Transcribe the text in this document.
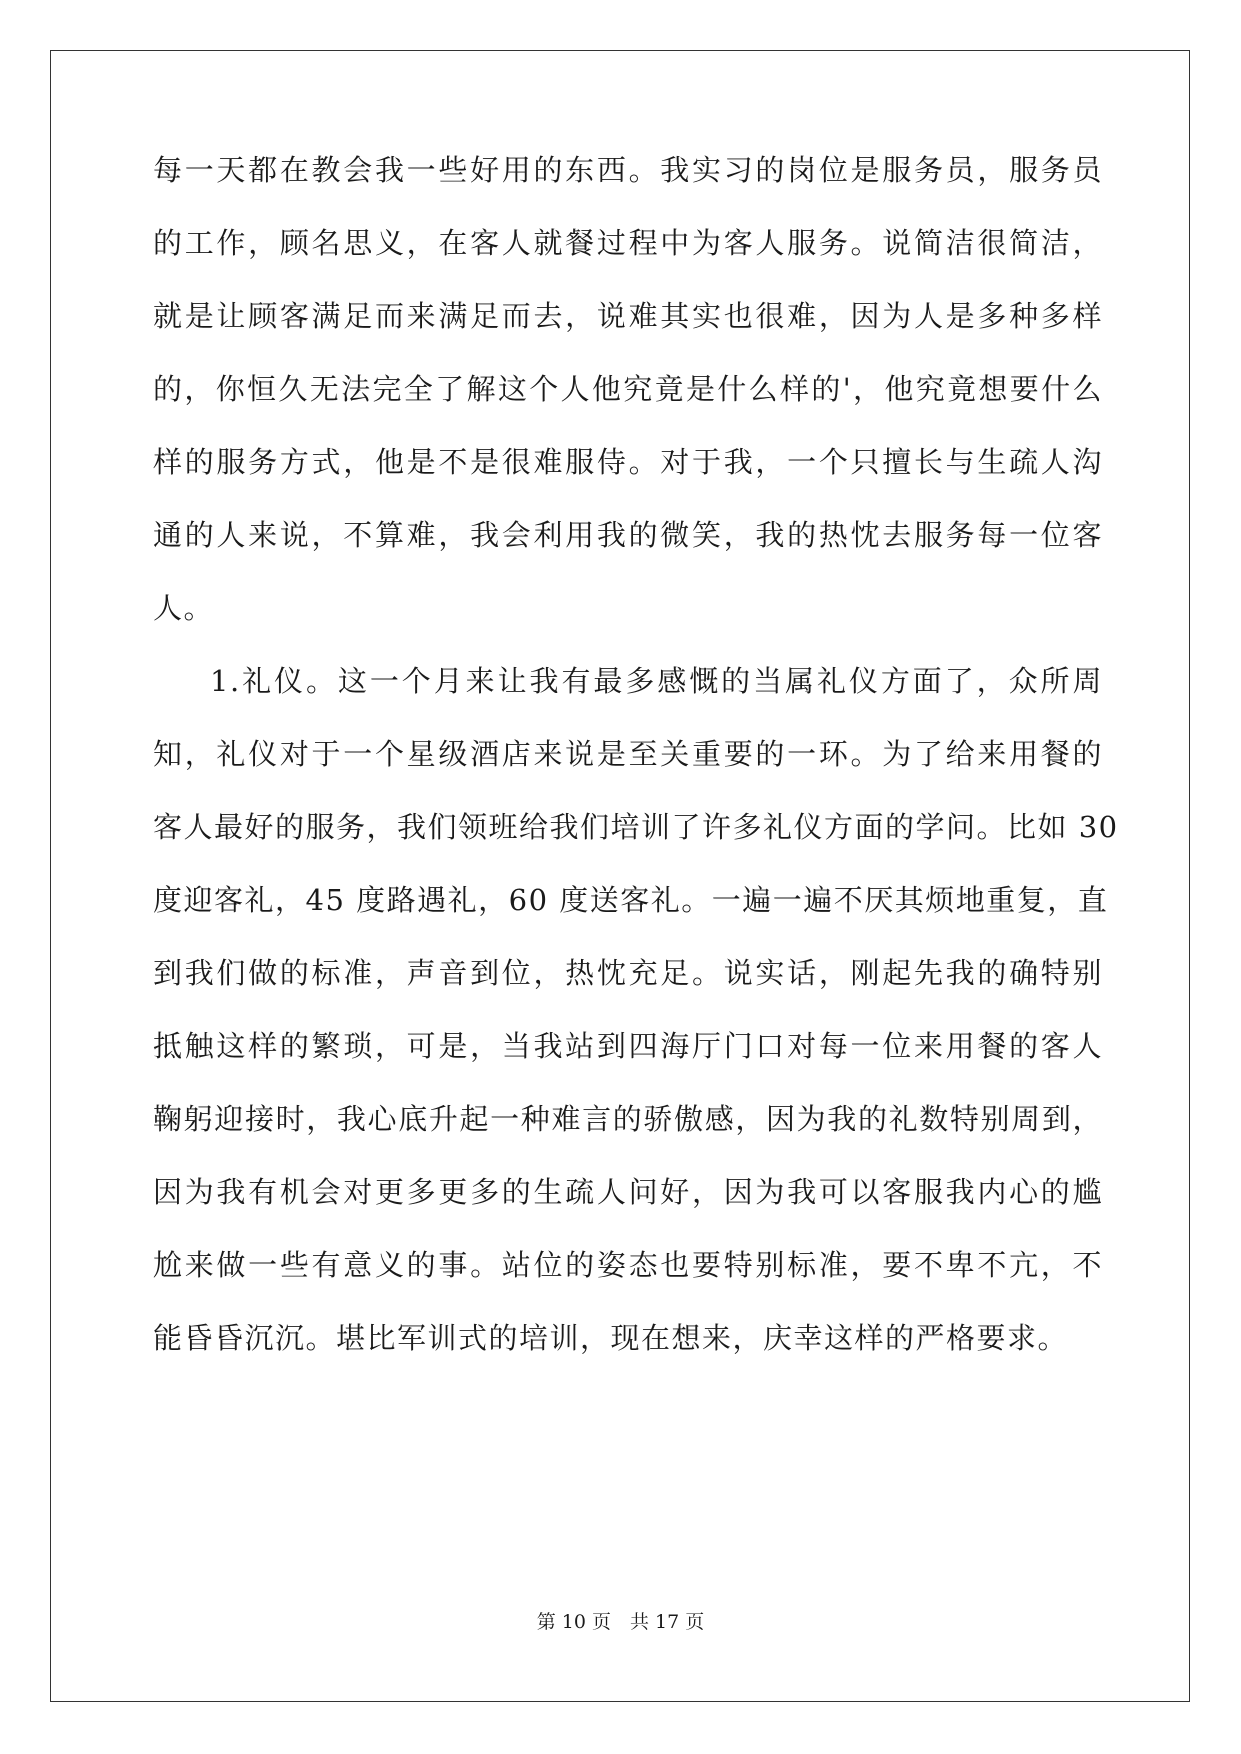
每一天都在教会我一些好用的东西。我实习的岗位是服务员，服务员
的工作，顾名思义，在客人就餐过程中为客人服务。说简洁很简洁，
就是让顾客满足而来满足而去，说难其实也很难，因为人是多种多样
的，你恒久无法完全了解这个人他究竟是什么样的'，他究竟想要什么
样的服务方式，他是不是很难服侍。对于我，一个只擅长与生疏人沟
通的人来说，不算难，我会利用我的微笑，我的热忱去服务每一位客
人。
1.礼仪。这一个月来让我有最多感慨的当属礼仪方面了，众所周
知，礼仪对于一个星级酒店来说是至关重要的一环。为了给来用餐的
客人最好的服务，我们领班给我们培训了许多礼仪方面的学问。比如 30
度迎客礼，45 度路遇礼，60 度送客礼。一遍一遍不厌其烦地重复，直
到我们做的标准，声音到位，热忱充足。说实话，刚起先我的确特别
抵触这样的繁琐，可是，当我站到四海厅门口对每一位来用餐的客人
鞠躬迎接时，我心底升起一种难言的骄傲感，因为我的礼数特别周到，
因为我有机会对更多更多的生疏人问好，因为我可以客服我内心的尴
尬来做一些有意义的事。站位的姿态也要特别标准，要不卑不亢，不
能昏昏沉沉。堪比军训式的培训，现在想来，庆幸这样的严格要求。
第 10 页　共 17 页
